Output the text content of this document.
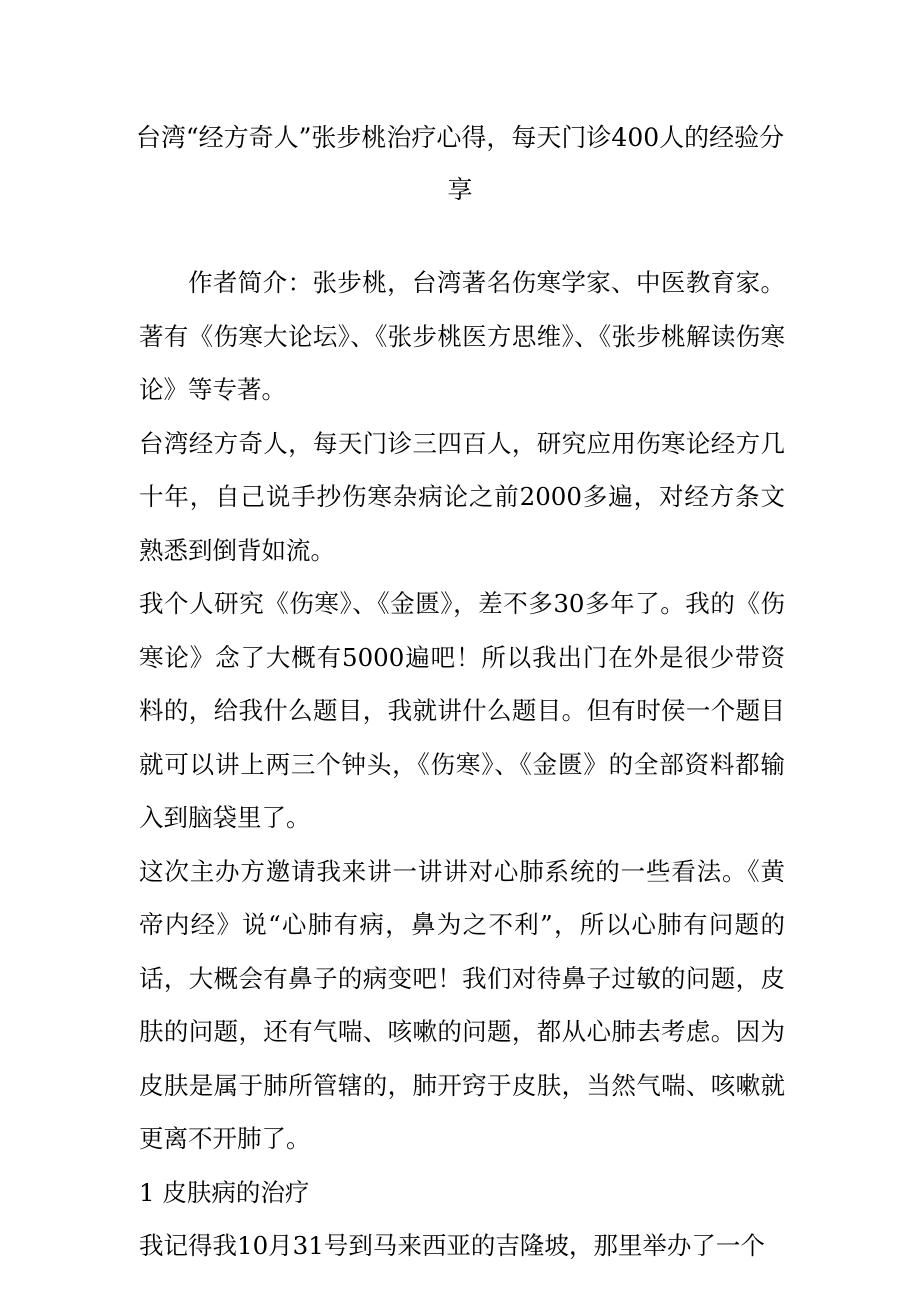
台湾“经方奇人”张步桃治疗心得，每天门诊400人的经验分享

作者简介：张步桃，台湾著名伤寒学家、中医教育家。著有《伤寒大论坛》、《张步桃医方思维》、《张步桃解读伤寒论》等专著。

台湾经方奇人，每天门诊三四百人，研究应用伤寒论经方几十年，自己说手抄伤寒杂病论之前2000多遍，对经方条文熟悉到倒背如流。

我个人研究《伤寒》、《金匮》，差不多30多年了。我的《伤寒论》念了大概有5000遍吧！所以我出门在外是很少带资料的，给我什么题目，我就讲什么题目。但有时侯一个题目就可以讲上两三个钟头，《伤寒》、《金匮》的全部资料都输入到脑袋里了。

这次主办方邀请我来讲一讲讲对心肺系统的一些看法。《黄帝内经》说“心肺有病，鼻为之不利”，所以心肺有问题的话，大概会有鼻子的病变吧！我们对待鼻子过敏的问题，皮肤的问题，还有气喘、咳嗽的问题，都从心肺去考虑。因为皮肤是属于肺所管辖的，肺开窍于皮肤，当然气喘、咳嗽就更离不开肺了。

1 皮肤病的治疗

我记得我10月31号到马来西亚的吉隆坡，那里举办了一个
